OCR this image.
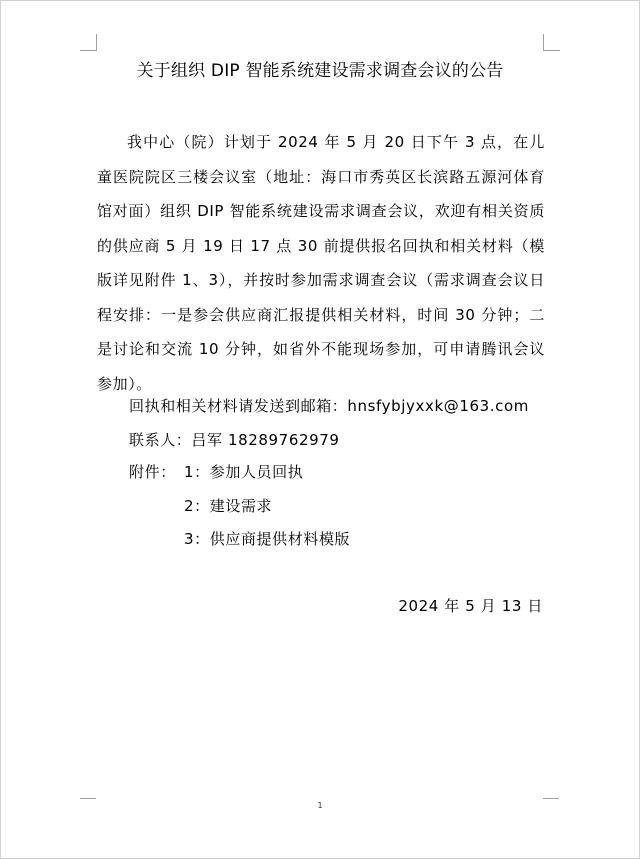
关于组织 DIP 智能系统建设需求调查会议的公告
我中心（院）计划于 2024 年 5 月 20 日下午 3 点，在儿童医院院区三楼会议室（地址：海口市秀英区长滨路五源河体育馆对面）组织 DIP 智能系统建设需求调查会议，欢迎有相关资质的供应商 5 月 19 日 17 点 30 前提供报名回执和相关材料（模版详见附件 1、3），并按时参加需求调查会议（需求调查会议日程安排：一是参会供应商汇报提供相关材料，时间 30 分钟；二是讨论和交流 10 分钟，如省外不能现场参加，可申请腾讯会议参加）。
回执和相关材料请发送到邮箱：hnsfybjyxxk@163.com
联系人：吕军 18289762979
附件： 1：参加人员回执
2：建设需求
3：供应商提供材料模版
2024 年 5 月 13 日
1
